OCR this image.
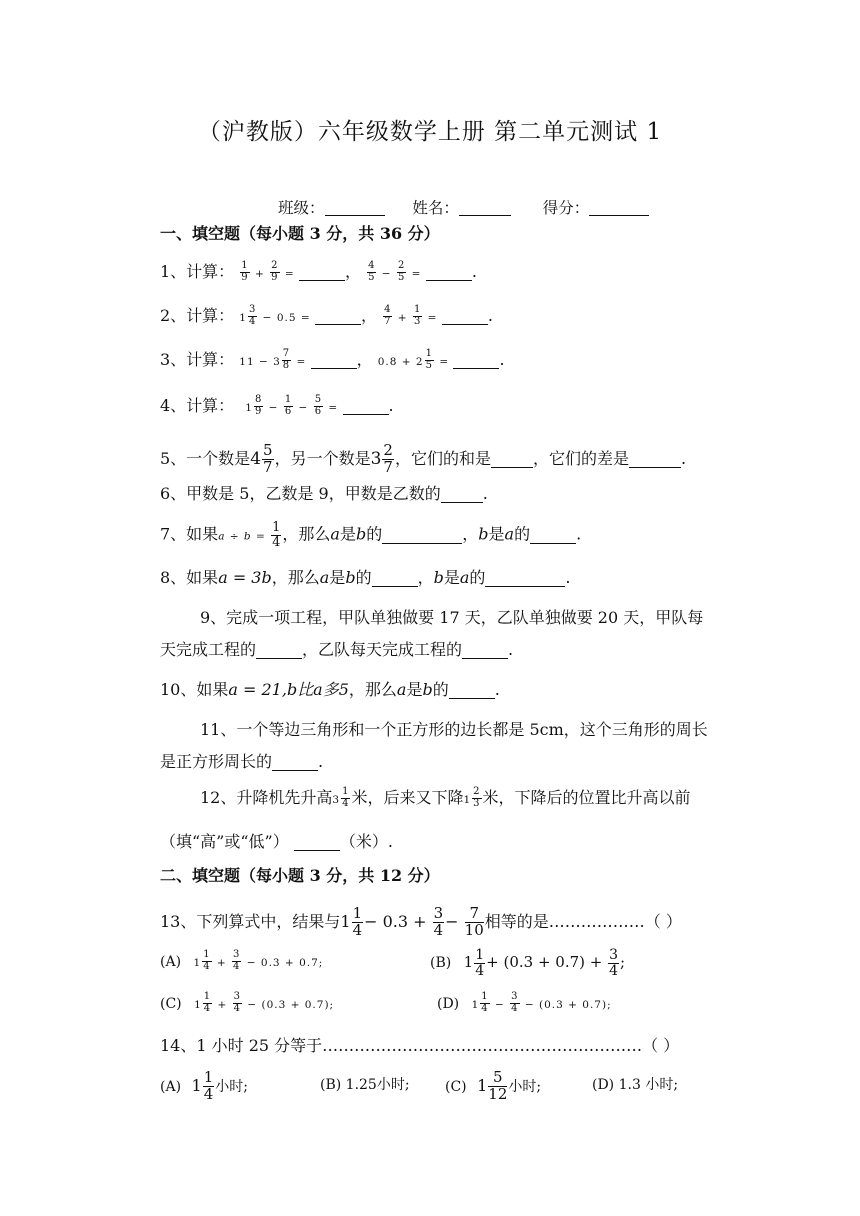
（沪教版）六年级数学上册 第二单元测试 1
班级：	姓名：	得分：
一、填空题（每小题 3 分，共 36 分）
1、计算： $\frac{1}{9} + \frac{2}{9}$ =	， $\frac{4}{5} - \frac{2}{5}$ =	.
2、计算： $1 \frac{3}{4} - 0.5$ =	， $\frac{4}{7} + \frac{1}{3}$ =	.
3、计算： $11 - 3 \frac{7}{8}$ =	， $0.8 + 2 \frac{1}{5}$ =	.
4、计算： $1 \frac{8}{9} - \frac{1}{6} - \frac{5}{6}$ =	.
5、一个数是$4 \frac{5}{7}$ ，另一个数是$3 \frac{2}{7}$ ，它们的和是	，它们的差是	.
6、甲数是 5，乙数是 9，甲数是乙数的	.
7、如果$a \div b = \frac{1}{4}$ ，那么a是b的	，b是a的	.
8、如果a = 3b，那么a是b的	，b是a的	.
9、完成一项工程，甲队单独做要 17 天，乙队单独做要 20 天，甲队每
天完成工程的	，乙队每天完成工程的	.
10、如果a = 21,b比a多5，那么a是b的	.
11、一个等边三角形和一个正方形的边长都是 5cm，这个三角形的周长
是正方形周长的	.
12、升降机先升高$3 \frac{1}{4}$ 米，后来又下降$1 \frac{2}{3}$ 米，下降后的位置比升高以前
（填“高”或“低”）	（米）.
二、填空题（每小题 3 分，共 12 分）
13、下列算式中，结果与$1 \frac{1}{4} - 0.3 + \frac{3}{4} - \frac{7}{10}$ 相等的是………………（ ）
(A) $1 \frac{1}{4} + \frac{3}{4} - 0.3 + 0.7$;	(B) $1 \frac{1}{4} + (0.3 + 0.7) + \frac{3}{4}$ ;
(C) $1 \frac{1}{4} + \frac{3}{4} - (0.3 + 0.7)$;	(D) $1 \frac{1}{4} - \frac{3}{4} - (0.3 + 0.7)$;
14、1 小时 25 分等于……………………………………………………（ ）
(A) $1 \frac{1}{4}$ 小时;	(B) 1.25小时;	(C) $1 \frac{5}{12}$ 小时;	(D) 1.3 小时;
